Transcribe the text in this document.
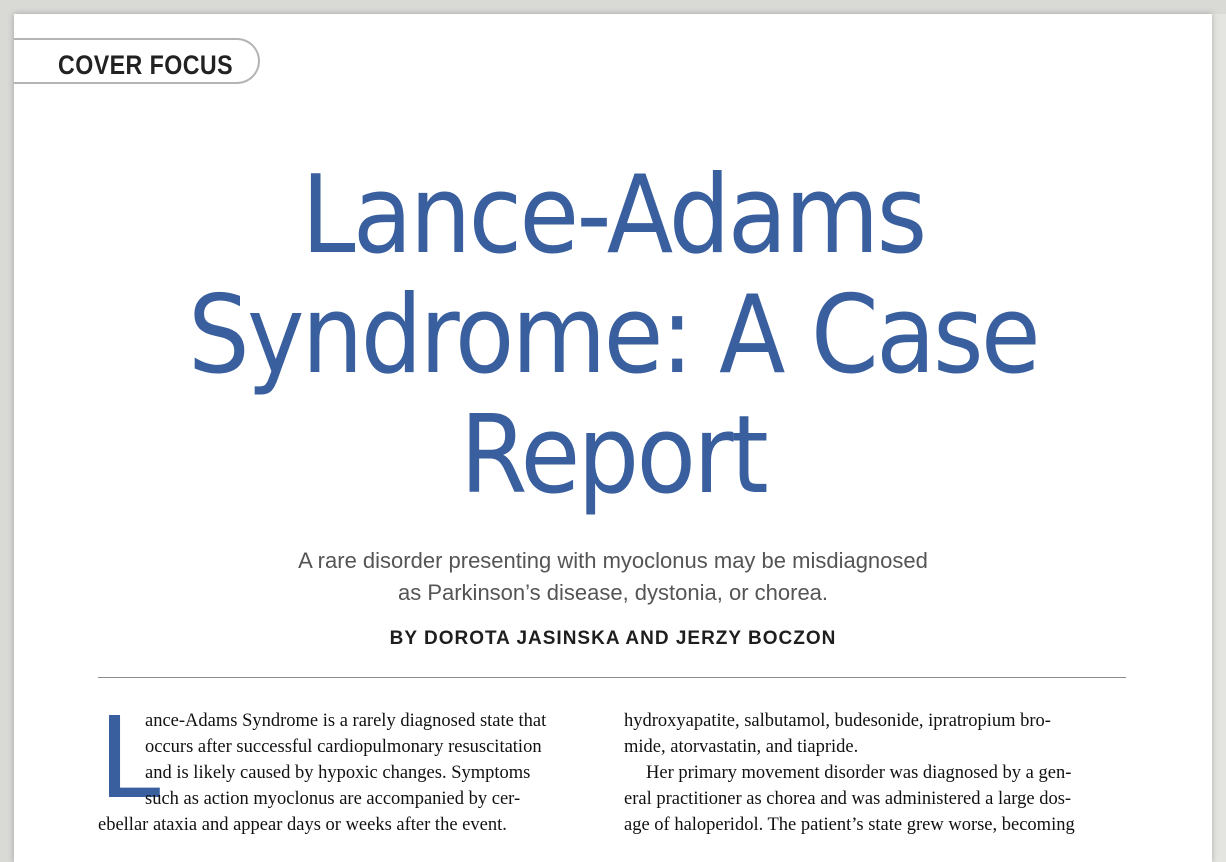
COVER FOCUS
Lance-Adams
Syndrome: A Case
Report
A rare disorder presenting with myoclonus may be misdiagnosed
as Parkinson’s disease, dystonia, or chorea.
BY DOROTA JASINSKA AND JERZY BOCZON
L
ance-Adams Syndrome is a rarely diagnosed state that
occurs after successful cardiopulmonary resuscitation
and is likely caused by hypoxic changes. Symptoms
such as action myoclonus are accompanied by cer-
ebellar ataxia and appear days or weeks after the event.
hydroxyapatite, salbutamol, budesonide, ipratropium bro-
mide, atorvastatin, and tiapride.
Her primary movement disorder was diagnosed by a gen-
eral practitioner as chorea and was administered a large dos-
age of haloperidol. The patient’s state grew worse, becoming
